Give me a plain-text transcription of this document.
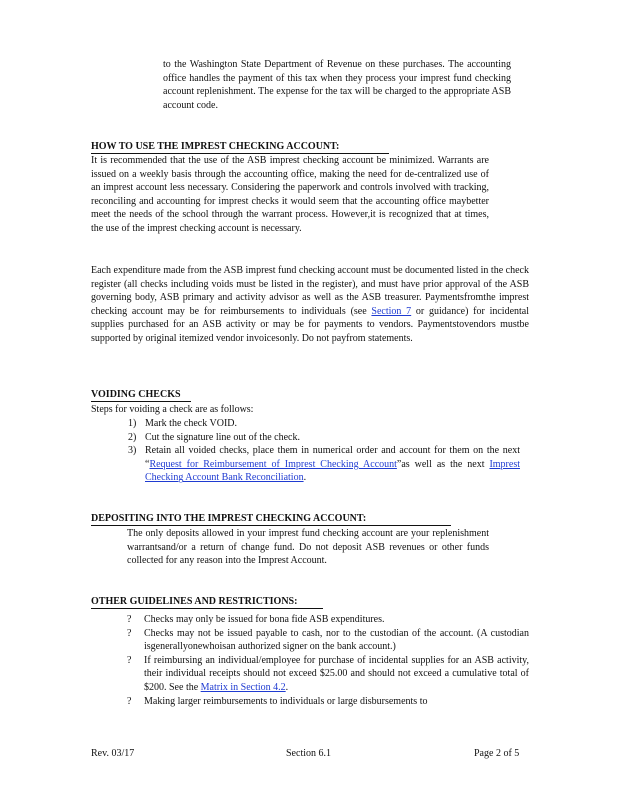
to the Washington State Department of Revenue on these purchases. The accounting office handles the payment of this tax when they process your imprest fund checking account replenishment. The expense for the tax will be charged to the appropriate ASB account code.

HOW TO USE THE IMPREST CHECKING ACCOUNT:

It is recommended that the use of the ASB imprest checking account be minimized. Warrants are issued on a weekly basis through the accounting office, making the need for de-centralized use of an imprest account less necessary. Considering the paperwork and controls involved with tracking, reconciling and accounting for imprest checks it would seem that the accounting office maybetter meet the needs of the school through the warrant process. However,it is recognized that at times, the use of the imprest checking account is necessary.

Each expenditure made from the ASB imprest fund checking account must be documented listed in the check register (all checks including voids must be listed in the register), and must have prior approval of the ASB governing body, ASB primary and activity advisor as well as the ASB treasurer. Paymentsfromthe imprest checking account may be for reimbursements to individuals (see Section 7 or guidance) for incidental supplies purchased for an ASB activity or may be for payments to vendors. Paymentstovendors mustbe supported by original itemized vendor invoicesonly. Do not payfrom statements.

VOIDING CHECKS

Steps for voiding a check are as follows:

1) Mark the check VOID.
2) Cut the signature line out of the check.
3) Retain all voided checks, place them in numerical order and account for them on the next “Request for Reimbursement of Imprest Checking Account”as well as the next Imprest Checking Account Bank Reconciliation.
DEPOSITING INTO THE IMPREST CHECKING ACCOUNT:

The only deposits allowed in your imprest fund checking account are your replenishment warrantsand/or a return of change fund. Do not deposit ASB revenues or other funds collected for any reason into the Imprest Account.

OTHER GUIDELINES AND RESTRICTIONS:
? Checks may only be issued for bona fide ASB expenditures.
? Checks may not be issued payable to cash, nor to the custodian of the account. (A custodian isgenerallyonewhoisan authorized signer on the bank account.)
? If reimbursing an individual/employee for purchase of incidental supplies for an ASB activity, their individual receipts should not exceed $25.00 and should not exceed a cumulative total of $200. See the Matrix in Section 4.2.
? Making larger reimbursements to individuals or large disbursements to
Rev. 03/17	Section 6.1	Page 2 of 5
